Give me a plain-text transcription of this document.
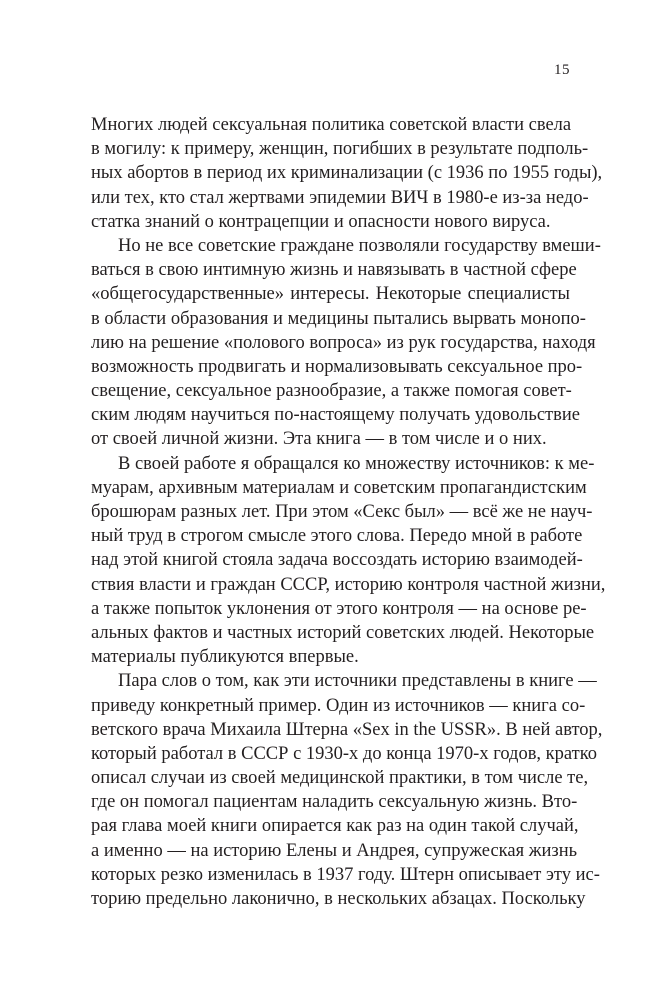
15
Многих людей сексуальная политика советской власти свела
в могилу: к примеру, женщин, погибших в результате подполь-
ных абортов в период их криминализации (с 1936 по 1955 годы),
или тех, кто стал жертвами эпидемии ВИЧ в 1980-е из-за недо-
статка знаний о контрацепции и опасности нового вируса.
Но не все советские граждане позволяли государству вмеши-
ваться в свою интимную жизнь и навязывать в частной сфере
«общегосударственные» интересы. Некоторые специалисты
в области образования и медицины пытались вырвать монопо-
лию на решение «полового вопроса» из рук государства, находя
возможность продвигать и нормализовывать сексуальное про-
свещение, сексуальное разнообразие, а также помогая совет-
ским людям научиться по-настоящему получать удовольствие
от своей личной жизни. Эта книга — в том числе и о них.
В своей работе я обращался ко множеству источников: к ме-
муарам, архивным материалам и советским пропагандистским
брошюрам разных лет. При этом «Секс был» — всё же не науч-
ный труд в строгом смысле этого слова. Передо мной в работе
над этой книгой стояла задача воссоздать историю взаимодей-
ствия власти и граждан СССР, историю контроля частной жизни,
а также попыток уклонения от этого контроля — на основе ре-
альных фактов и частных историй советских людей. Некоторые
материалы публикуются впервые.
Пара слов о том, как эти источники представлены в книге —
приведу конкретный пример. Один из источников — книга со-
ветского врача Михаила Штерна «Sex in the USSR». В ней автор,
который работал в СССР с 1930-х до конца 1970-х годов, кратко
описал случаи из своей медицинской практики, в том числе те,
где он помогал пациентам наладить сексуальную жизнь. Вто-
рая глава моей книги опирается как раз на один такой случай,
а именно — на историю Елены и Андрея, супружеская жизнь
которых резко изменилась в 1937 году. Штерн описывает эту ис-
торию предельно лаконично, в нескольких абзацах. Поскольку
